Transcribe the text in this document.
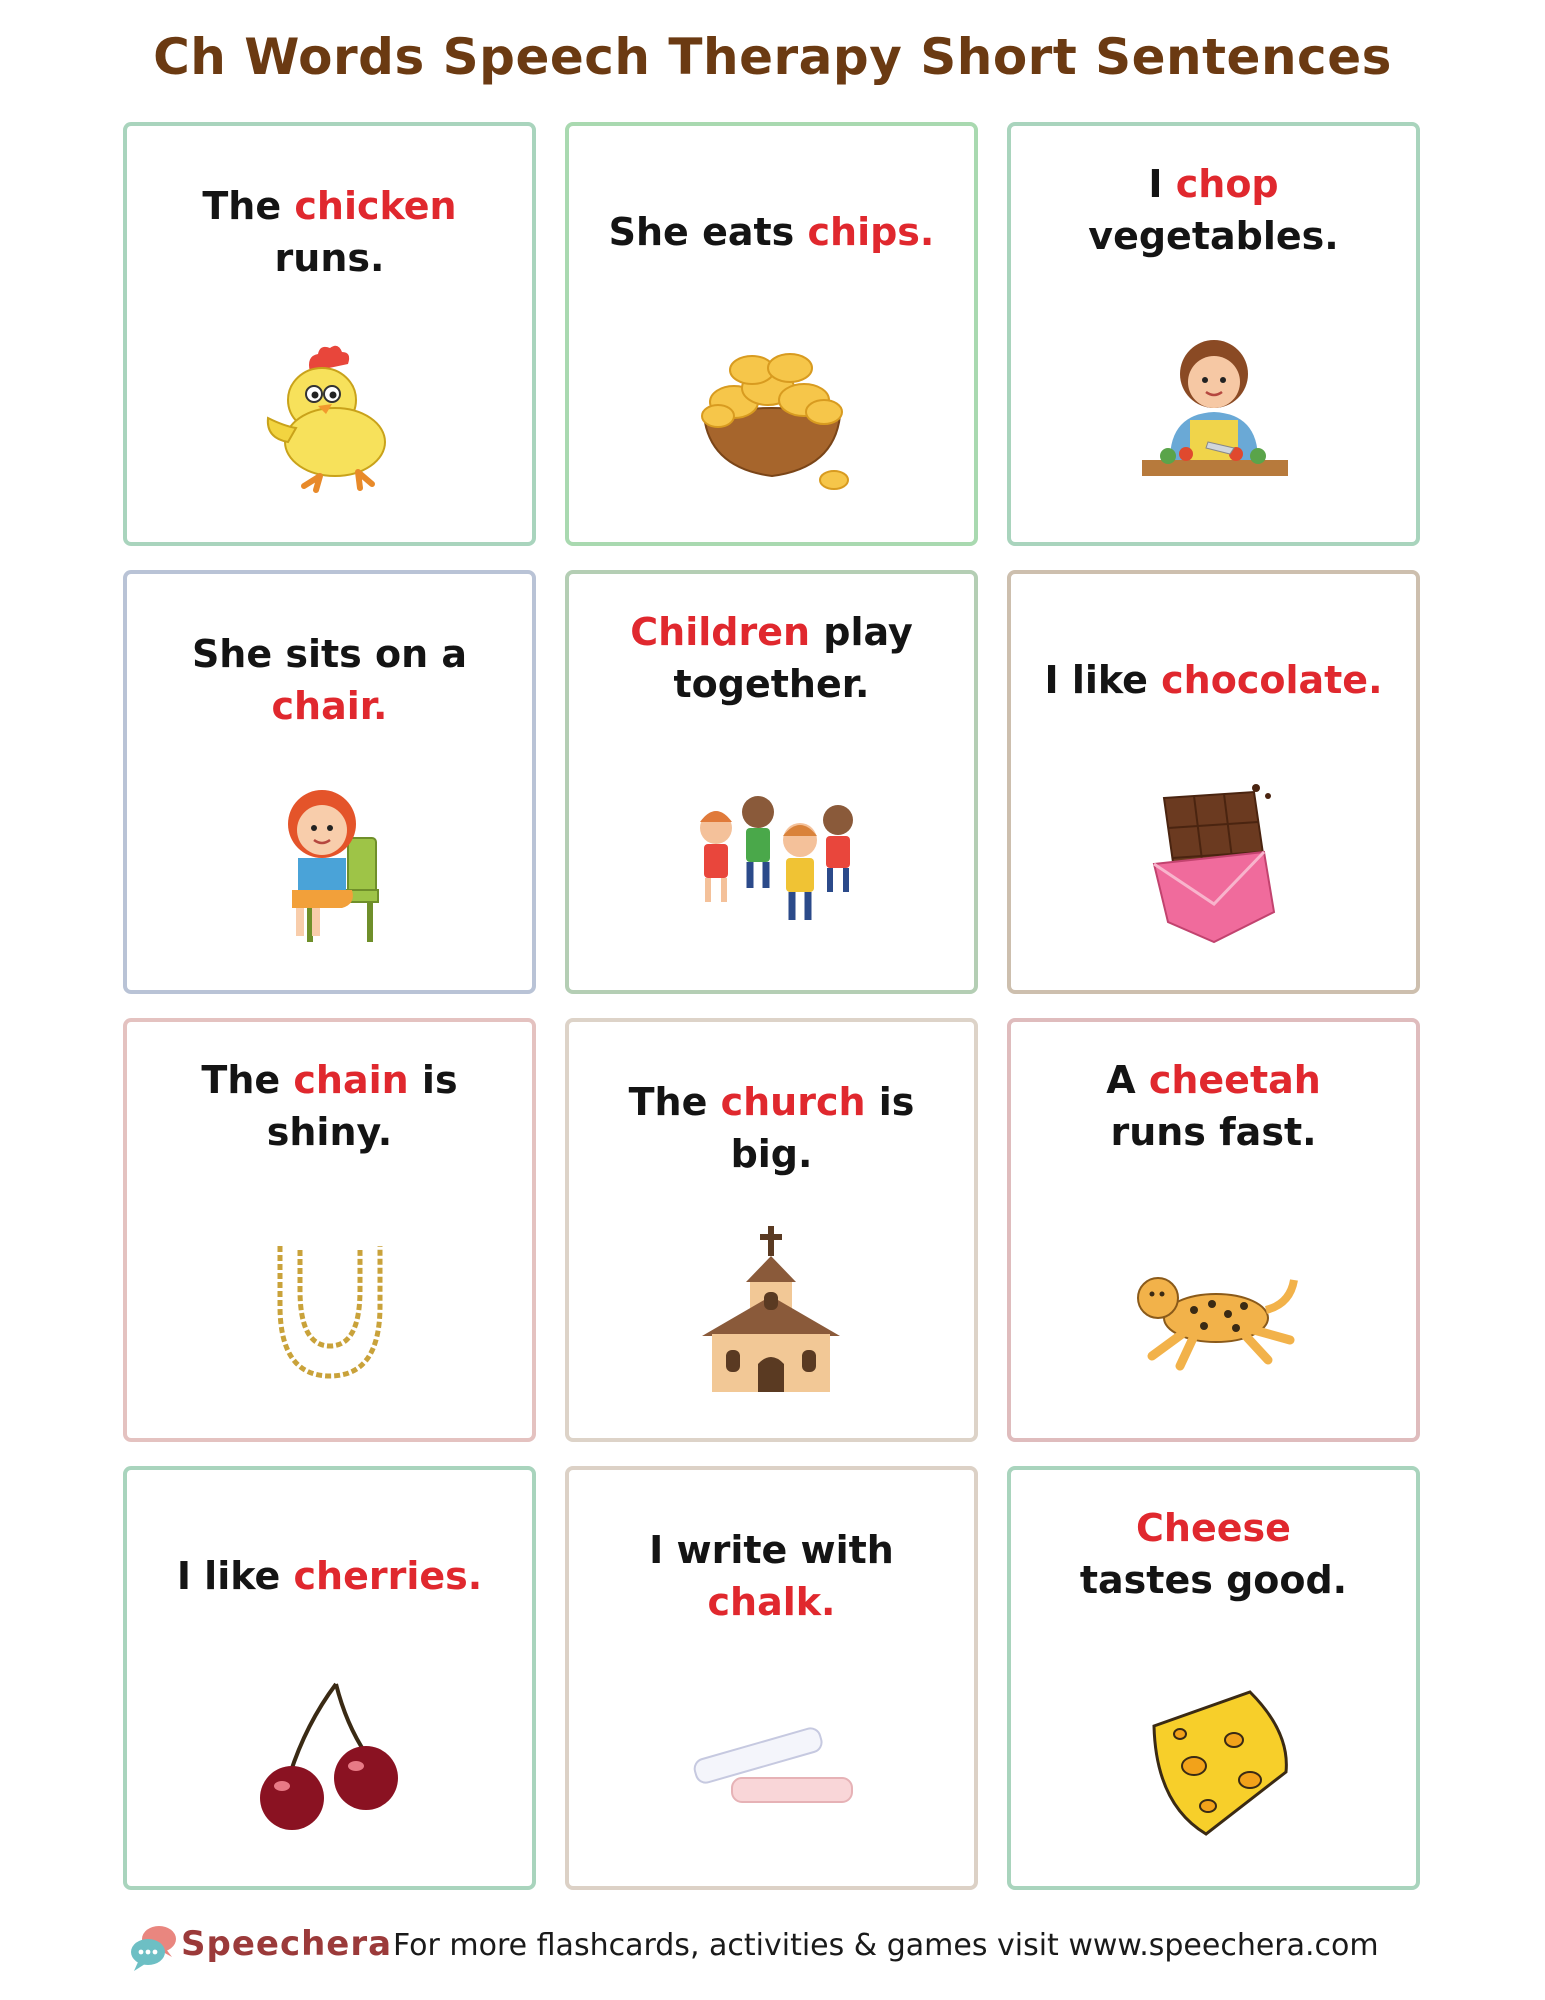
Ch Words Speech Therapy Short Sentences
The chicken runs.
She eats chips.
I chop vegetables.
She sits on a chair.
Children play together.	I like chocolate.
The chain is shiny.
The church is big.
A cheetah runs fast.
I like cherries.
I write with chalk.
Cheese tastes good.
Speechera For more flashcards, activities & games visit www.speechera.com
